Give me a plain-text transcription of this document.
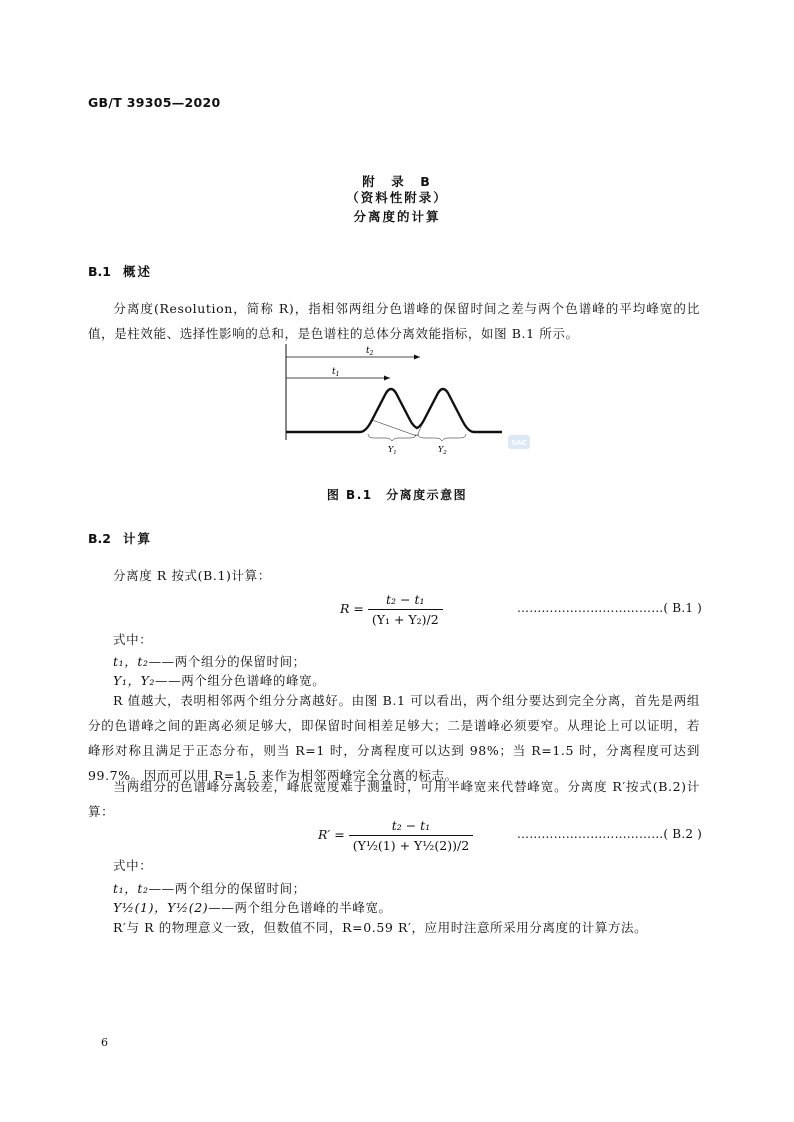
GB/T 39305—2020
附　录　B
（资料性附录）
分离度的计算
B.1 概述
分离度(Resolution，简称 R)，指相邻两组分色谱峰的保留时间之差与两个色谱峰的平均峰宽的比值，是柱效能、选择性影响的总和，是色谱柱的总体分离效能指标，如图 B.1 所示。
$t_2$
$t_1$
$Y_1$	$Y_2$
SAC
图 B.1　分离度示意图
B.2 计算
分离度 R 按式(B.1)计算：
$R = \frac{\text{t₂ − t₁}}{\text{(Y₁ + Y₂)/2}}$	………………………………( B.1 )
式中：
t₁，t₂——两个组分的保留时间；
Y₁，Y₂——两个组分色谱峰的峰宽。
R 值越大，表明相邻两个组分分离越好。由图 B.1 可以看出，两个组分要达到完全分离，首先是两组分的色谱峰之间的距离必须足够大，即保留时间相差足够大；二是谱峰必须要窄。从理论上可以证明，若峰形对称且满足于正态分布，则当 R=1 时，分离程度可以达到 98%；当 R=1.5 时，分离程度可达到 99.7%。因而可以用 R=1.5 来作为相邻两峰完全分离的标志。
当两组分的色谱峰分离较差，峰底宽度难于测量时，可用半峰宽来代替峰宽。分离度 R′按式(B.2)计算：
$R' = \frac{\text{t₂ − t₁}}{\text{(Y½(1) + Y½(2))/2}}$	………………………………( B.2 )
式中：
t₁，t₂——两个组分的保留时间；
Y½(1)，Y½(2)——两个组分色谱峰的半峰宽。
R′与 R 的物理意义一致，但数值不同，R=0.59 R′，应用时注意所采用分离度的计算方法。
6
